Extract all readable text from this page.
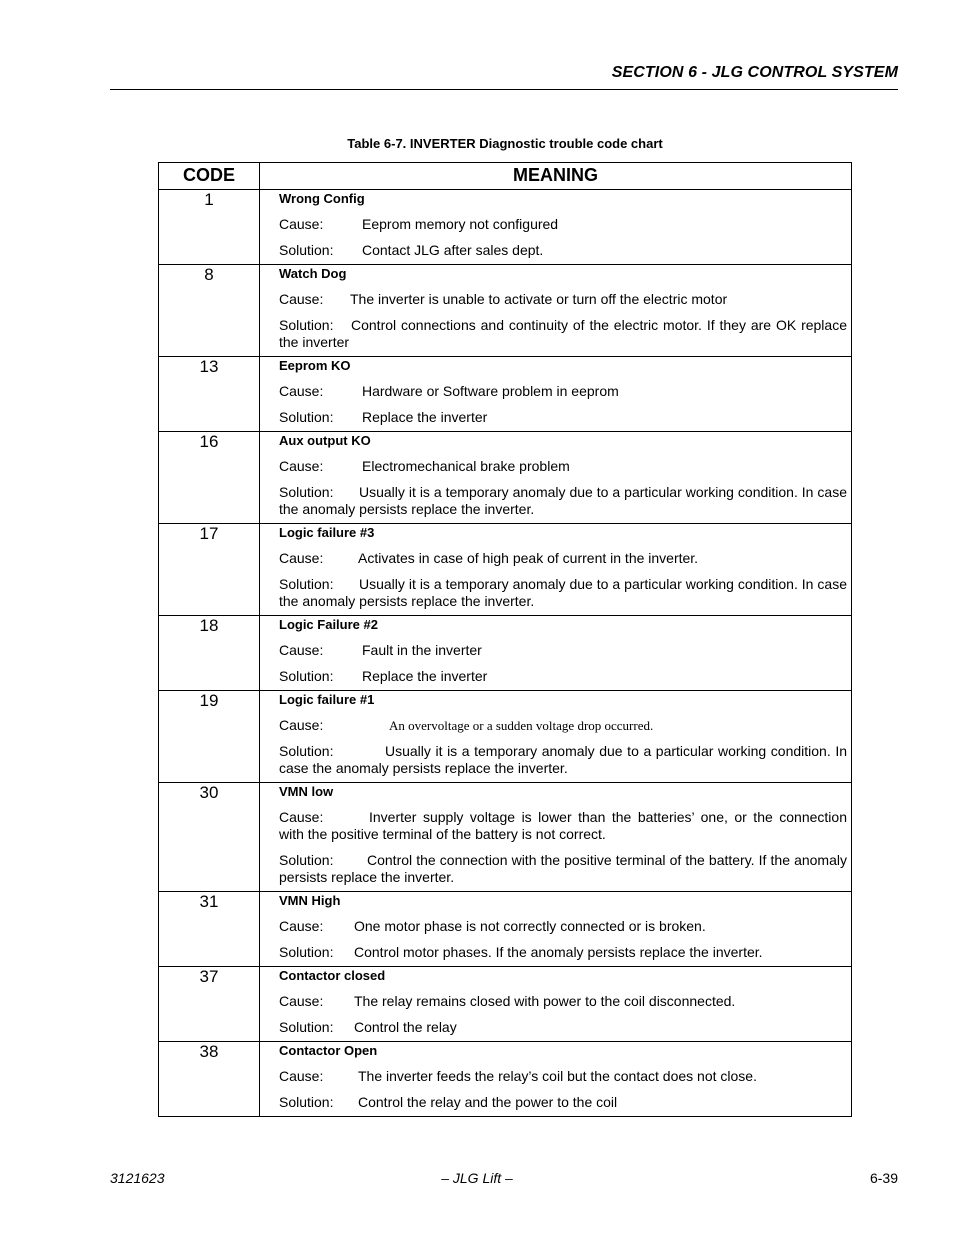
SECTION 6 - JLG CONTROL SYSTEM
Table 6-7. INVERTER Diagnostic trouble code chart
CODE	MEANING
1	Wrong Config
Cause: Eeprom memory not configured
Solution: Contact JLG after sales dept.

8	Watch Dog
Cause: The inverter is unable to activate or turn off the electric motor
Solution: Control connections and continuity of the electric motor. If they are OK replace the inverter

13	Eeprom KO
Cause: Hardware or Software problem in eeprom
Solution: Replace the inverter

16	Aux output KO
Cause: Electromechanical brake problem
Solution: Usually it is a temporary anomaly due to a particular working condition. In case the anomaly persists replace the inverter.

17	Logic failure #3
Cause: Activates in case of high peak of current in the inverter.
Solution: Usually it is a temporary anomaly due to a particular working condition. In case the anomaly persists replace the inverter.

18	Logic Failure #2
Cause: Fault in the inverter
Solution: Replace the inverter

19	Logic failure #1
Cause: An overvoltage or a sudden voltage drop occurred.
Solution: Usually it is a temporary anomaly due to a particular working condition. In case the anomaly persists replace the inverter.

30	VMN low
Cause: Inverter supply voltage is lower than the batteries’ one, or the connection with the positive terminal of the battery is not correct.
Solution: Control the connection with the positive terminal of the battery. If the anomaly persists replace the inverter.

31	VMN High
Cause: One motor phase is not correctly connected or is broken.
Solution: Control motor phases. If the anomaly persists replace the inverter.

37	Contactor closed
Cause: The relay remains closed with power to the coil disconnected.
Solution: Control the relay

38	Contactor Open
Cause: The inverter feeds the relay’s coil but the contact does not close.
Solution: Control the relay and the power to the coil
3121623	– JLG Lift –	6-39
